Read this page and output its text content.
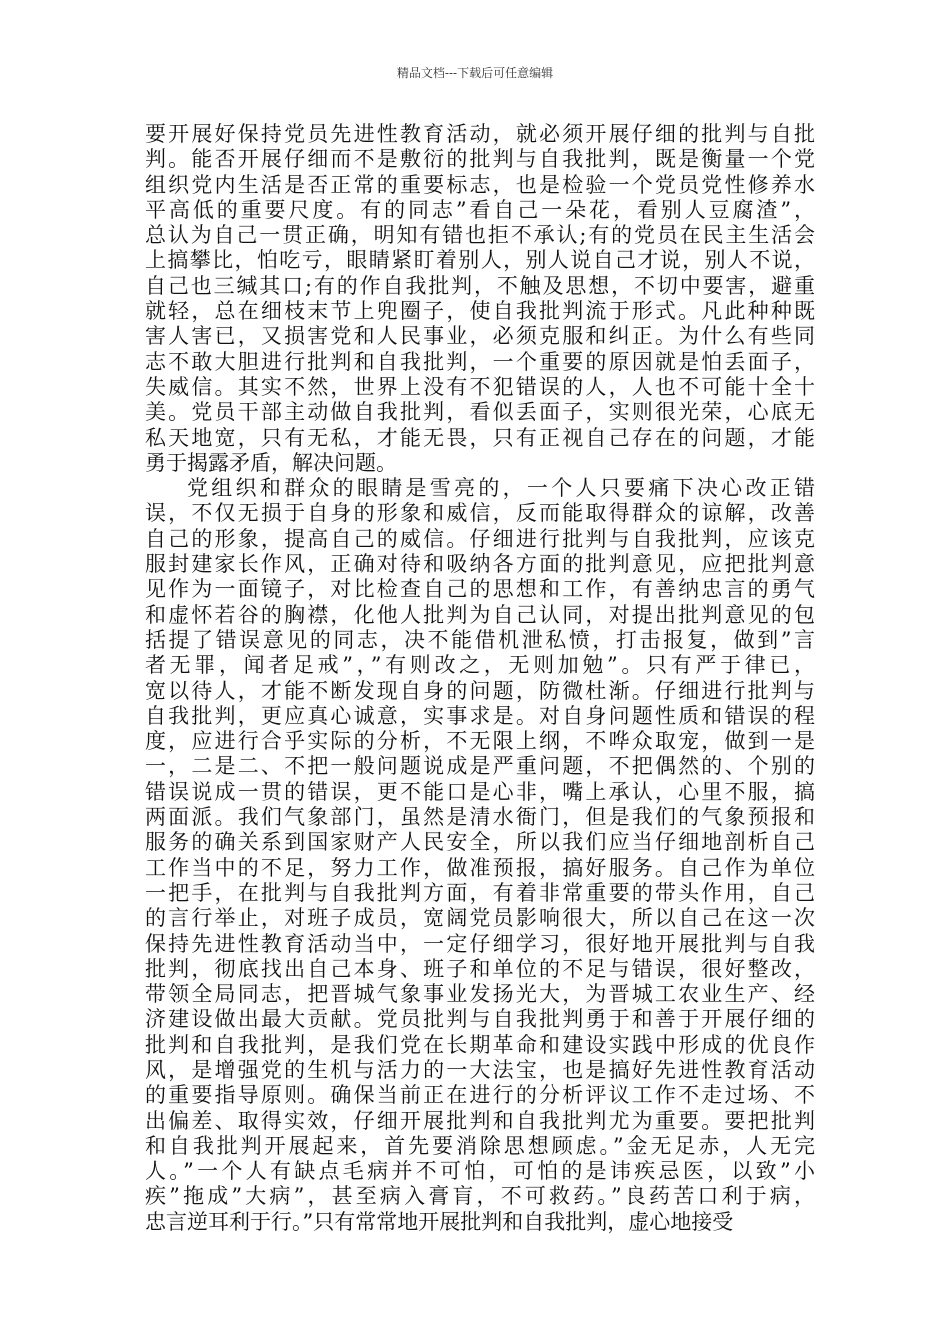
精品文档---下载后可任意编辑
要开展好保持党员先进性教育活动，就必须开展仔细的批判与自批
判。能否开展仔细而不是敷衍的批判与自我批判，既是衡量一个党
组织党内生活是否正常的重要标志，也是检验一个党员党性修养水
平高低的重要尺度。有的同志”看自己一朵花，看别人豆腐渣”，
总认为自己一贯正确，明知有错也拒不承认;有的党员在民主生活会
上搞攀比，怕吃亏，眼睛紧盯着别人，别人说自己才说，别人不说，
自己也三缄其口;有的作自我批判，不触及思想，不切中要害，避重
就轻，总在细枝末节上兜圈子，使自我批判流于形式。凡此种种既
害人害已，又损害党和人民事业，必须克服和纠正。为什么有些同
志不敢大胆进行批判和自我批判，一个重要的原因就是怕丢面子，
失威信。其实不然，世界上没有不犯错误的人，人也不可能十全十
美。党员干部主动做自我批判，看似丢面子，实则很光荣，心底无
私天地宽，只有无私，才能无畏，只有正视自己存在的问题，才能
勇于揭露矛盾，解决问题。
党组织和群众的眼睛是雪亮的，一个人只要痛下决心改正错
误，不仅无损于自身的形象和威信，反而能取得群众的谅解，改善
自己的形象，提高自己的威信。仔细进行批判与自我批判，应该克
服封建家长作风，正确对待和吸纳各方面的批判意见，应把批判意
见作为一面镜子，对比检查自己的思想和工作，有善纳忠言的勇气
和虚怀若谷的胸襟，化他人批判为自己认同，对提出批判意见的包
括提了错误意见的同志，决不能借机泄私愤，打击报复，做到”言
者无罪，闻者足戒”，”有则改之，无则加勉”。只有严于律已，
宽以待人，才能不断发现自身的问题，防微杜渐。仔细进行批判与
自我批判，更应真心诚意，实事求是。对自身问题性质和错误的程
度，应进行合乎实际的分析，不无限上纲，不哗众取宠，做到一是
一，二是二、不把一般问题说成是严重问题，不把偶然的、个别的
错误说成一贯的错误，更不能口是心非，嘴上承认，心里不服，搞
两面派。我们气象部门，虽然是清水衙门，但是我们的气象预报和
服务的确关系到国家财产人民安全，所以我们应当仔细地剖析自己
工作当中的不足，努力工作，做准预报，搞好服务。自己作为单位
一把手，在批判与自我批判方面，有着非常重要的带头作用，自己
的言行举止，对班子成员，宽阔党员影响很大，所以自己在这一次
保持先进性教育活动当中，一定仔细学习，很好地开展批判与自我
批判，彻底找出自己本身、班子和单位的不足与错误，很好整改，
带领全局同志，把晋城气象事业发扬光大，为晋城工农业生产、经
济建设做出最大贡献。党员批判与自我批判勇于和善于开展仔细的
批判和自我批判，是我们党在长期革命和建设实践中形成的优良作
风，是增强党的生机与活力的一大法宝，也是搞好先进性教育活动
的重要指导原则。确保当前正在进行的分析评议工作不走过场、不
出偏差、取得实效，仔细开展批判和自我批判尤为重要。要把批判
和自我批判开展起来，首先要消除思想顾虑。”金无足赤，人无完
人。”一个人有缺点毛病并不可怕，可怕的是讳疾忌医，以致”小
疾”拖成”大病”，甚至病入膏肓，不可救药。”良药苦口利于病，
忠言逆耳利于行。”只有常常地开展批判和自我批判，虚心地接受
